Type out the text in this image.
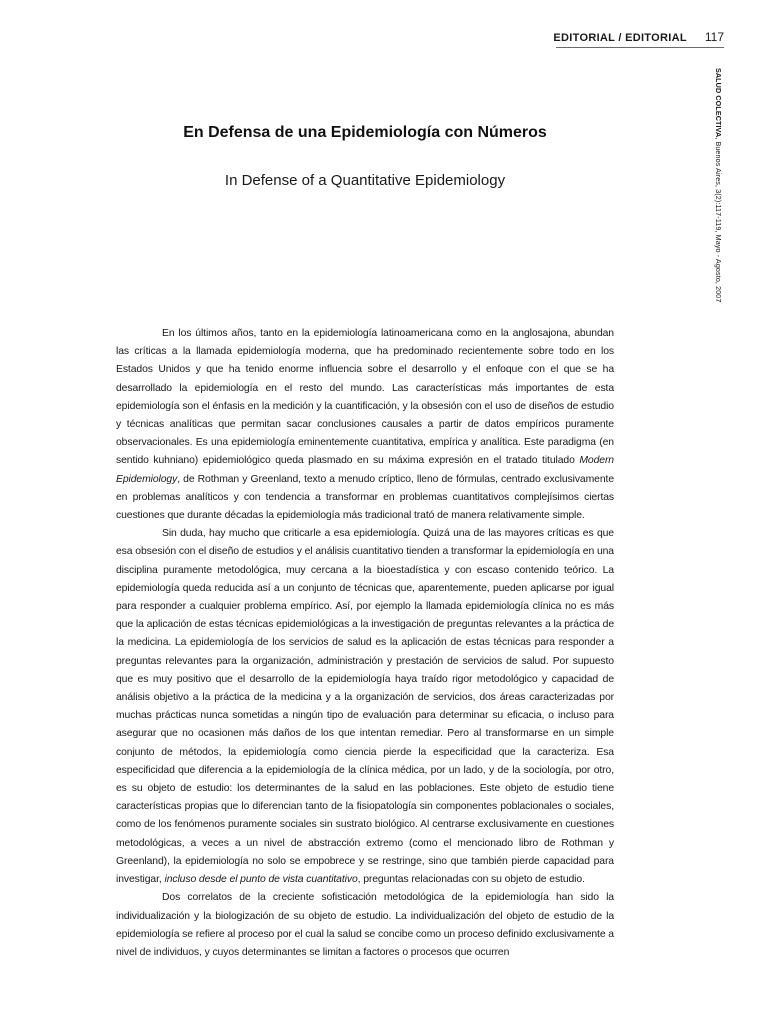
EDITORIAL / EDITORIAL 117
SALUD COLECTIVA, Buenos Aires, 3(2):117-119, Mayo - Agosto, 2007
En Defensa de una Epidemiología con Números
In Defense of a Quantitative Epidemiology

En los últimos años, tanto en la epidemiología latinoamericana como en la anglosajona, abundan las críticas a la llamada epidemiología moderna, que ha predominado recientemente sobre todo en los Estados Unidos y que ha tenido enorme influencia sobre el desarrollo y el enfoque con el que se ha desarrollado la epidemiología en el resto del mundo. Las características más importantes de esta epidemiología son el énfasis en la medición y la cuantificación, y la obsesión con el uso de diseños de estudio y técnicas analíticas que permitan sacar conclusiones causales a partir de datos empíricos puramente observacionales. Es una epidemiología eminentemente cuantitativa, empírica y analítica. Este paradigma (en sentido kuhniano) epidemiológico queda plasmado en su máxima expresión en el tratado titulado Modern Epidemiology, de Rothman y Greenland, texto a menudo críptico, lleno de fórmulas, centrado exclusivamente en problemas analíticos y con tendencia a transformar en problemas cuantitativos complejísimos ciertas cuestiones que durante décadas la epidemiología más tradicional trató de manera relativamente simple.

Sin duda, hay mucho que criticarle a esa epidemiología. Quizá una de las mayores críticas es que esa obsesión con el diseño de estudios y el análisis cuantitativo tienden a transformar la epidemiología en una disciplina puramente metodológica, muy cercana a la bioestadística y con escaso contenido teórico. La epidemiología queda reducida así a un conjunto de técnicas que, aparentemente, pueden aplicarse por igual para responder a cualquier problema empírico. Así, por ejemplo la llamada epidemiología clínica no es más que la aplicación de estas técnicas epidemiológicas a la investigación de preguntas relevantes a la práctica de la medicina. La epidemiología de los servicios de salud es la aplicación de estas técnicas para responder a preguntas relevantes para la organización, administración y prestación de servicios de salud. Por supuesto que es muy positivo que el desarrollo de la epidemiología haya traído rigor metodológico y capacidad de análisis objetivo a la práctica de la medicina y a la organización de servicios, dos áreas caracterizadas por muchas prácticas nunca sometidas a ningún tipo de evaluación para determinar su eficacia, o incluso para asegurar que no ocasionen más daños de los que intentan remediar. Pero al transformarse en un simple conjunto de métodos, la epidemiología como ciencia pierde la especificidad que la caracteriza. Esa especificidad que diferencia a la epidemiología de la clínica médica, por un lado, y de la sociología, por otro, es su objeto de estudio: los determinantes de la salud en las poblaciones. Este objeto de estudio tiene características propias que lo diferencian tanto de la fisiopatología sin componentes poblacionales o sociales, como de los fenómenos puramente sociales sin sustrato biológico. Al centrarse exclusivamente en cuestiones metodológicas, a veces a un nivel de abstracción extremo (como el mencionado libro de Rothman y Greenland), la epidemiología no solo se empobrece y se restringe, sino que también pierde capacidad para investigar, incluso desde el punto de vista cuantitativo, preguntas relacionadas con su objeto de estudio.

Dos correlatos de la creciente sofisticación metodológica de la epidemiología han sido la individualización y la biologización de su objeto de estudio. La individualización del objeto de estudio de la epidemiología se refiere al proceso por el cual la salud se concibe como un proceso definido exclusivamente a nivel de individuos, y cuyos determinantes se limitan a factores o procesos que ocurren
